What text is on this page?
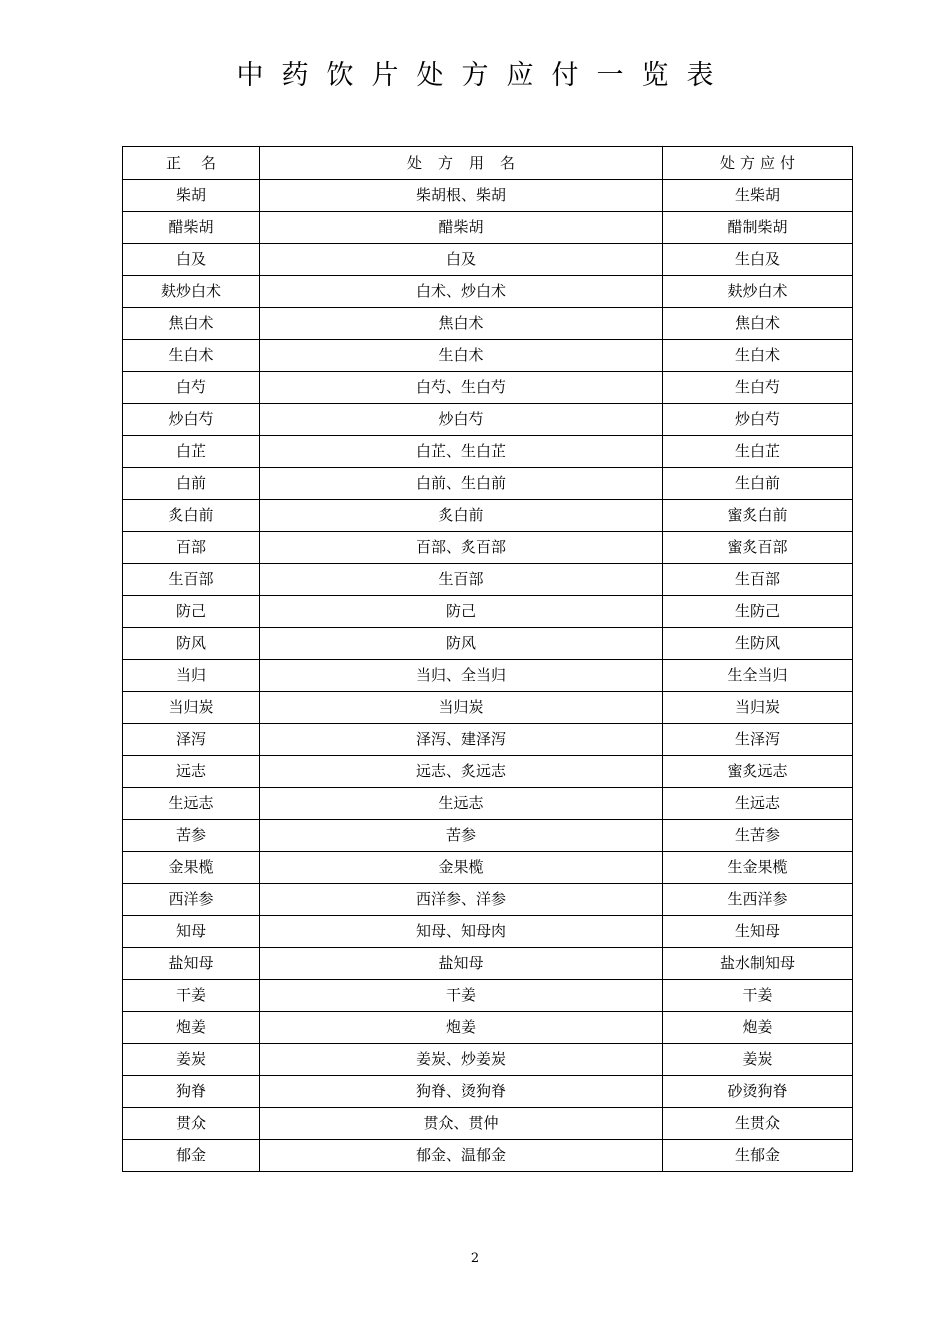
中药饮片处方应付一览表
正名	处方用名	处方应付
柴胡	柴胡根、柴胡	生柴胡
醋柴胡	醋柴胡	醋制柴胡
白及	白及	生白及
麸炒白术	白术、炒白术	麸炒白术
焦白术	焦白术	焦白术
生白术	生白术	生白术
白芍	白芍、生白芍	生白芍
炒白芍	炒白芍	炒白芍
白芷	白芷、生白芷	生白芷
白前	白前、生白前	生白前
炙白前	炙白前	蜜炙白前
百部	百部、炙百部	蜜炙百部
生百部	生百部	生百部
防己	防己	生防己
防风	防风	生防风
当归	当归、全当归	生全当归
当归炭	当归炭	当归炭
泽泻	泽泻、建泽泻	生泽泻
远志	远志、炙远志	蜜炙远志
生远志	生远志	生远志
苦参	苦参	生苦参
金果榄	金果榄	生金果榄
西洋参	西洋参、洋参	生西洋参
知母	知母、知母肉	生知母
盐知母	盐知母	盐水制知母
干姜	干姜	干姜
炮姜	炮姜	炮姜
姜炭	姜炭、炒姜炭	姜炭
狗脊	狗脊、烫狗脊	砂烫狗脊
贯众	贯众、贯仲	生贯众
郁金	郁金、温郁金	生郁金
2
